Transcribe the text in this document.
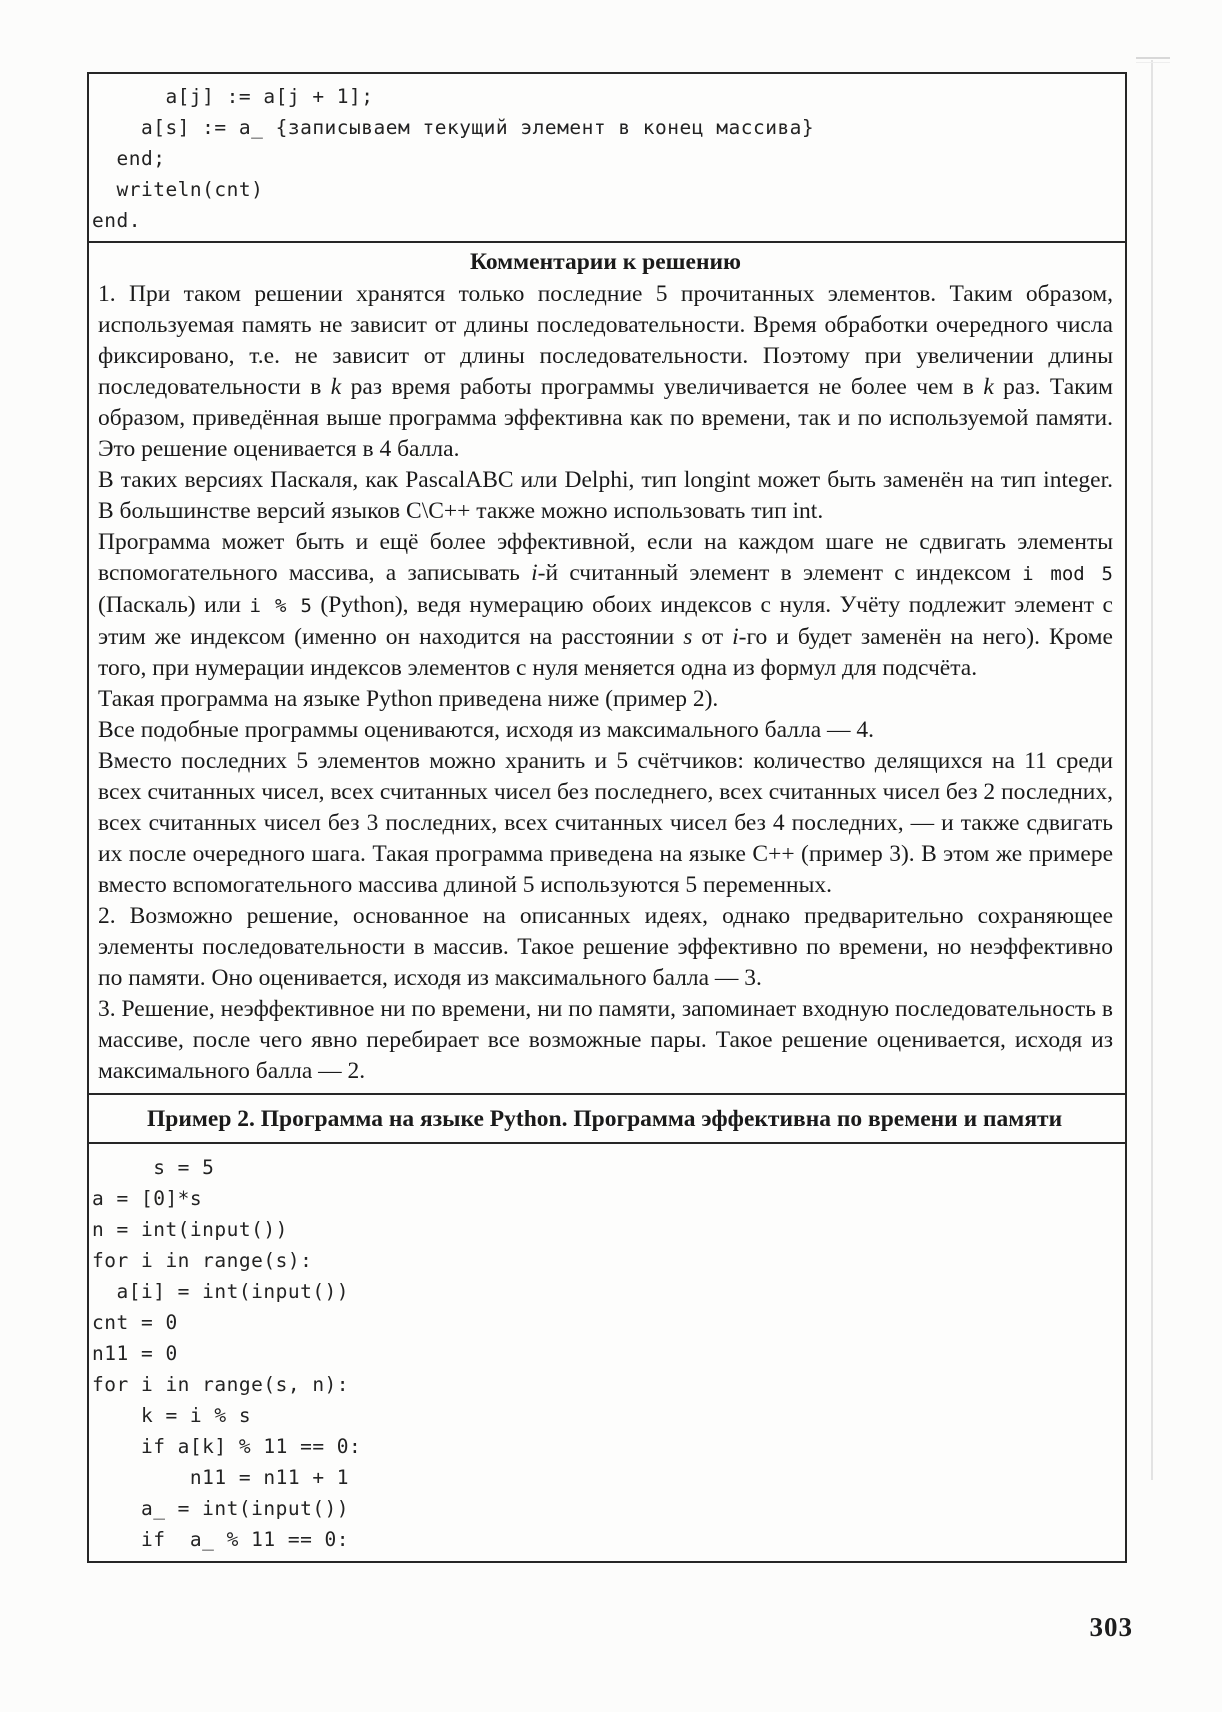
a[j] := a[j + 1];
a[s] := a_ {записываем текущий элемент в конец массива}
end;
writeln(cnt)
end.
Комментарии к решению
1. При таком решении хранятся только последние 5 прочитанных элементов. Таким образом, используемая память не зависит от длины последовательности. Время обработки очередного числа фиксировано, т.е. не зависит от длины последовательности. Поэтому при увеличении длины последовательности в k раз время работы программы увеличивается не более чем в k раз. Таким образом, приведённая выше программа эффективна как по времени, так и по используемой памяти. Это решение оценивается в 4 балла.
В таких версиях Паскаля, как PascalABC или Delphi, тип longint может быть заменён на тип integer. В большинстве версий языков C\C++ также можно использовать тип int.
Программа может быть и ещё более эффективной, если на каждом шаге не сдвигать элементы вспомогательного массива, а записывать i-й считанный элемент в элемент с индексом i mod 5 (Паскаль) или i % 5 (Python), ведя нумерацию обоих индексов с нуля. Учёту подлежит элемент с этим же индексом (именно он находится на расстоянии s от i-го и будет заменён на него). Кроме того, при нумерации индексов элементов с нуля меняется одна из формул для подсчёта.
Такая программа на языке Python приведена ниже (пример 2).
Все подобные программы оцениваются, исходя из максимального балла — 4.
Вместо последних 5 элементов можно хранить и 5 счётчиков: количество делящихся на 11 среди всех считанных чисел, всех считанных чисел без последнего, всех считанных чисел без 2 последних, всех считанных чисел без 3 последних, всех считанных чисел без 4 последних, — и также сдвигать их после очередного шага. Такая программа приведена на языке C++ (пример 3). В этом же примере вместо вспомогательного массива длиной 5 используются 5 переменных.
2. Возможно решение, основанное на описанных идеях, однако предварительно сохраняющее элементы последовательности в массив. Такое решение эффективно по времени, но неэффективно по памяти. Оно оценивается, исходя из максимального балла — 3.
3. Решение, неэффективное ни по времени, ни по памяти, запоминает входную последовательность в массиве, после чего явно перебирает все возможные пары. Такое решение оценивается, исходя из максимального балла — 2.
Пример 2. Программа на языке Python. Программа эффективна по времени и памяти
s = 5
a = [0]*s
n = int(input())
for i in range(s):
a[i] = int(input())
cnt = 0
n11 = 0
for i in range(s, n):
k = i % s
if a[k] % 11 == 0:
n11 = n11 + 1
a_ = int(input())
if  a_ % 11 == 0:
303
